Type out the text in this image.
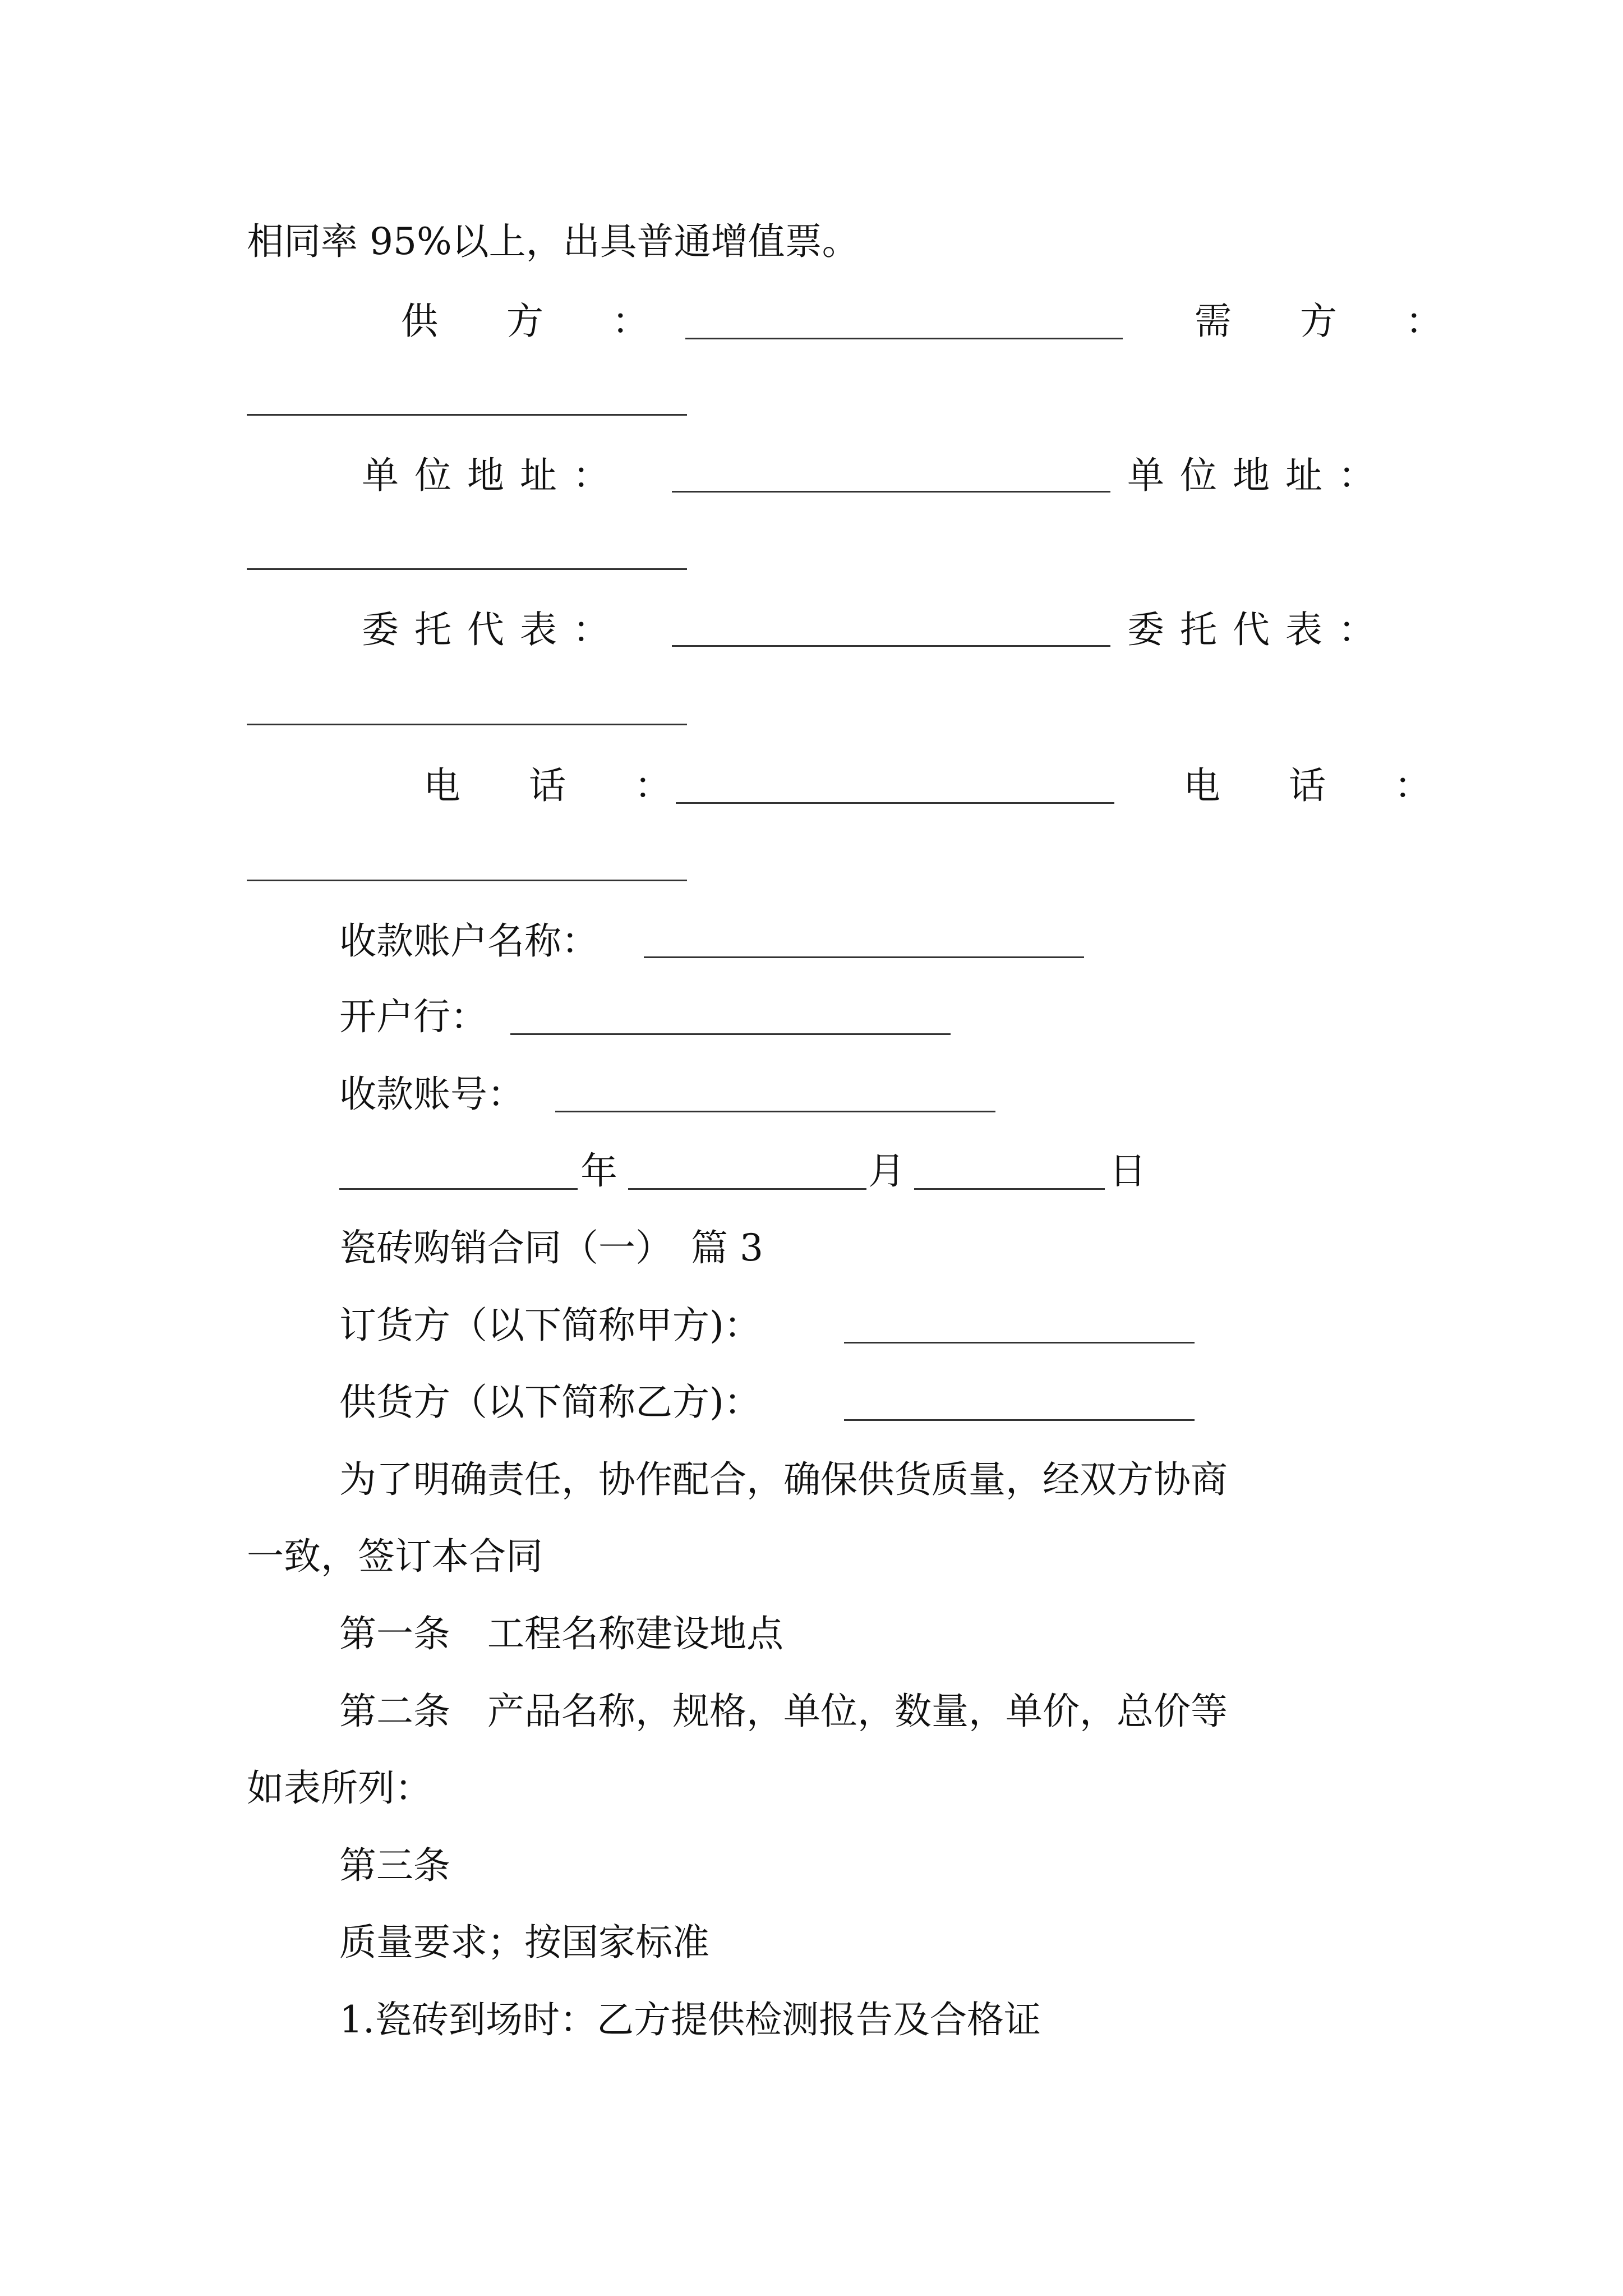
相同率 95%以上，出具普通增值票。
供　方　：	需　方　：
单位地址：	单位地址：
委托代表：	委托代表：
电　话　：	电　话　：
收款账户名称：
开户行：
收款账号：
年	月	日
瓷砖购销合同（一）　篇 3
订货方（以下简称甲方)：
供货方（以下简称乙方)：
为了明确责任，协作配合，确保供货质量，经双方协商
一致，签订本合同
第一条　工程名称建设地点
第二条　产品名称，规格，单位，数量，单价，总价等
如表所列：
第三条
质量要求；按国家标准
1.瓷砖到场时：乙方提供检测报告及合格证
